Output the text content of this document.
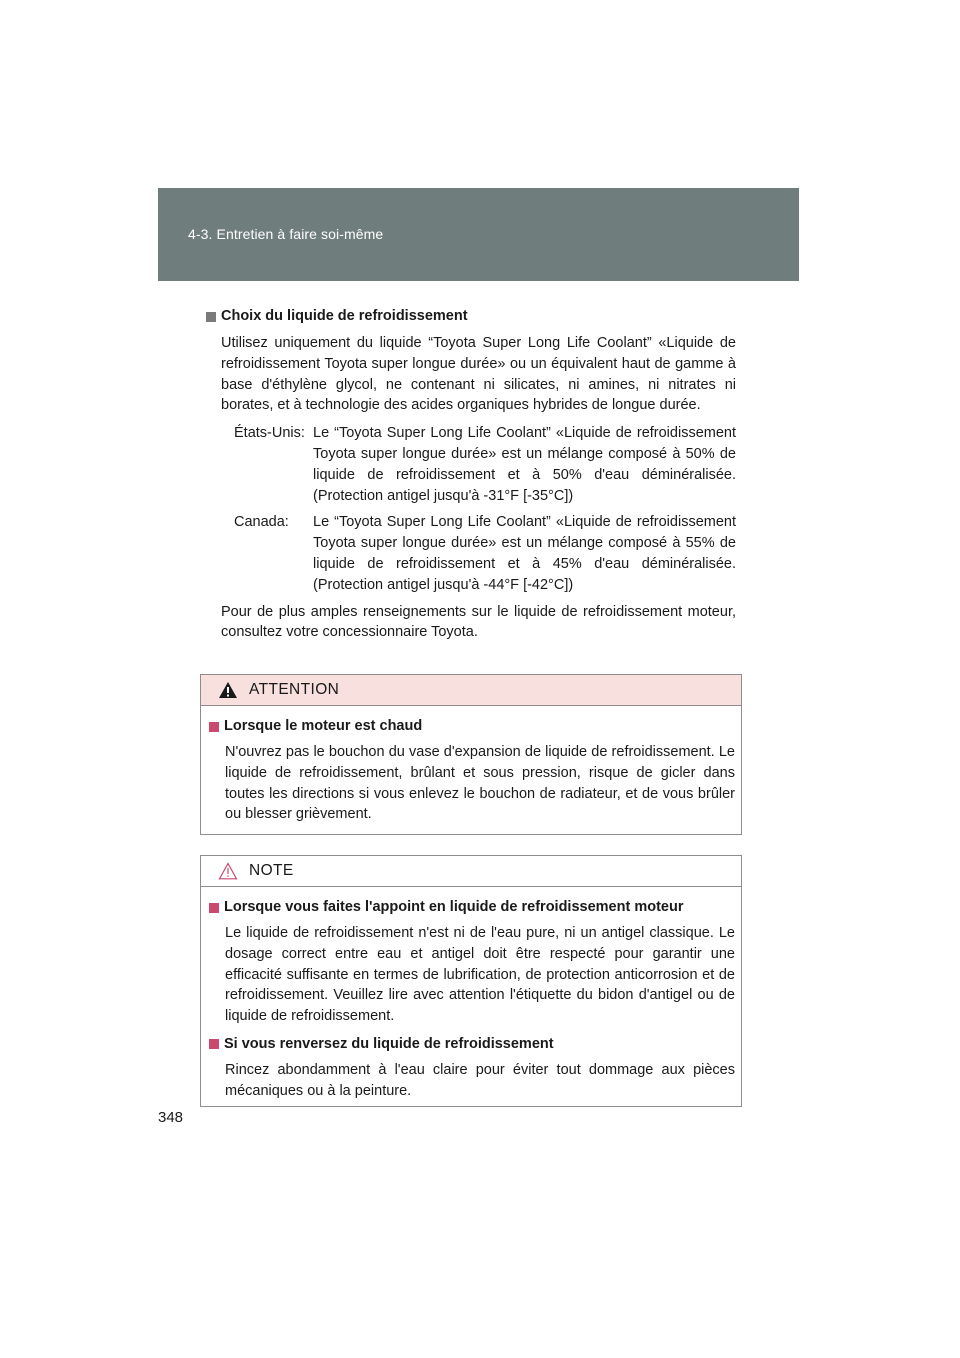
4-3. Entretien à faire soi-même
Choix du liquide de refroidissement

Utilisez uniquement du liquide “Toyota Super Long Life Coolant” «Liquide de refroidissement Toyota super longue durée» ou un équivalent haut de gamme à base d'éthylène glycol, ne contenant ni silicates, ni amines, ni nitrates ni borates, et à technologie des acides organiques hybrides de longue durée.

États-Unis: Le “Toyota Super Long Life Coolant” «Liquide de refroidissement Toyota super longue durée» est un mélange composé à 50% de liquide de refroidissement et à 50% d'eau déminéralisée. (Protection antigel jusqu'à -31°F [-35°C])
Canada:	Le “Toyota Super Long Life Coolant” «Liquide de refroidissement Toyota super longue durée» est un mélange composé à 55% de liquide de refroidissement et à 45% d'eau déminéralisée. (Protection antigel jusqu'à -44°F [-42°C])

Pour de plus amples renseignements sur le liquide de refroidissement moteur, consultez votre concessionnaire Toyota.

ATTENTION
Lorsque le moteur est chaud

N'ouvrez pas le bouchon du vase d'expansion de liquide de refroidissement. Le liquide de refroidissement, brûlant et sous pression, risque de gicler dans toutes les directions si vous enlevez le bouchon de radiateur, et de vous brûler ou blesser grièvement.

NOTE
Lorsque vous faites l'appoint en liquide de refroidissement moteur

Le liquide de refroidissement n'est ni de l'eau pure, ni un antigel classique. Le dosage correct entre eau et antigel doit être respecté pour garantir une efficacité suffisante en termes de lubrification, de protection anticorrosion et de refroidissement. Veuillez lire avec attention l'étiquette du bidon d'antigel ou de liquide de refroidissement.

Si vous renversez du liquide de refroidissement

Rincez abondamment à l'eau claire pour éviter tout dommage aux pièces mécaniques ou à la peinture.

348
